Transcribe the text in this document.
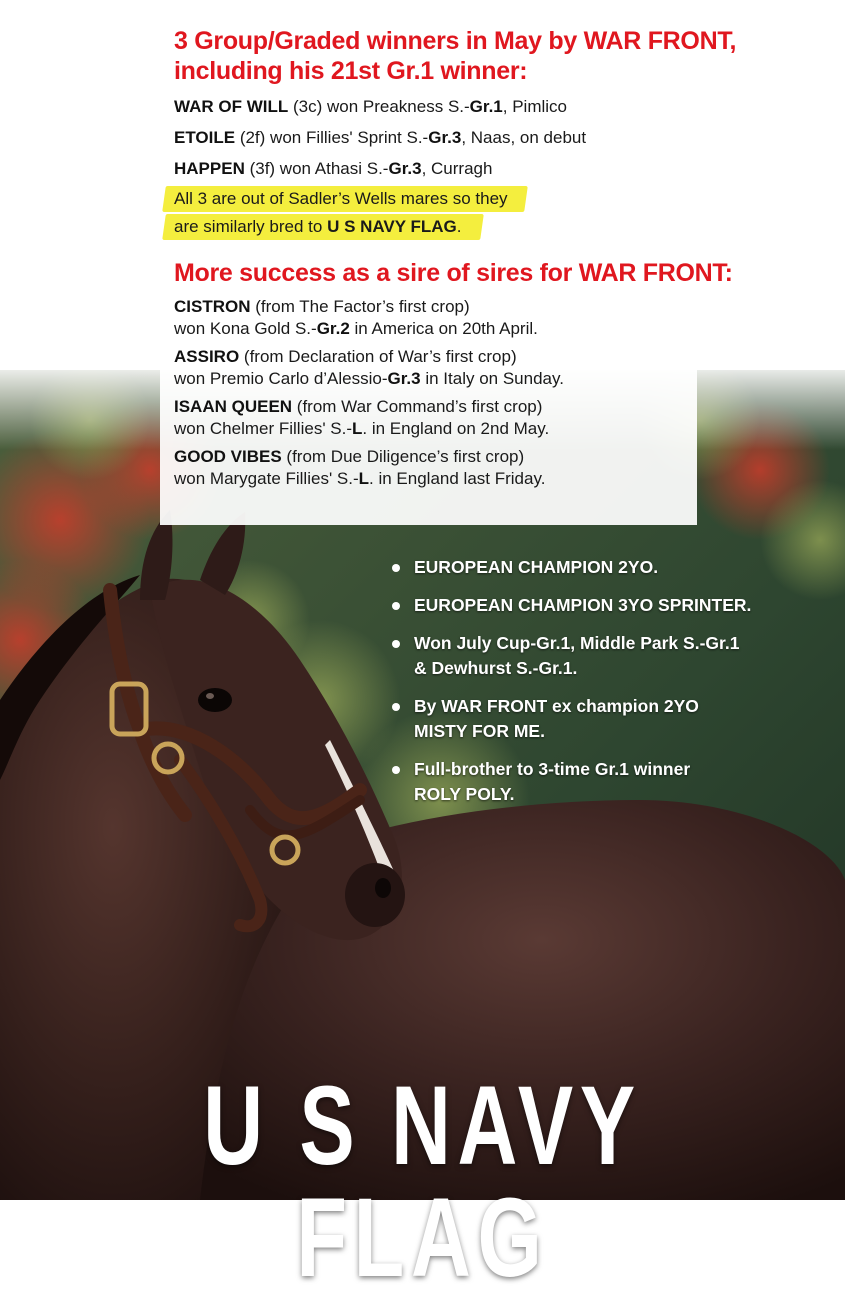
3 Group/Graded winners in May by WAR FRONT,
including his 21st Gr.1 winner:
WAR OF WILL (3c) won Preakness S.-Gr.1, Pimlico
ETOILE (2f) won Fillies' Sprint S.-Gr.3, Naas, on debut
HAPPEN (3f) won Athasi S.-Gr.3, Curragh
All 3 are out of Sadler’s Wells mares so they
are similarly bred to U S NAVY FLAG.
More success as a sire of sires for WAR FRONT:
CISTRON (from The Factor’s first crop)
won Kona Gold S.-Gr.2 in America on 20th April.
ASSIRO (from Declaration of War’s first crop)
won Premio Carlo d’Alessio-Gr.3 in Italy on Sunday.
ISAAN QUEEN (from War Command’s first crop)
won Chelmer Fillies' S.-L. in England on 2nd May.
GOOD VIBES (from Due Diligence’s first crop)
won Marygate Fillies' S.-L. in England last Friday.
EUROPEAN CHAMPION 2YO.
EUROPEAN CHAMPION 3YO SPRINTER.
Won July Cup-Gr.1, Middle Park S.-Gr.1
& Dewhurst S.-Gr.1.
By WAR FRONT ex champion 2YO
MISTY FOR ME.
Full-brother to 3-time Gr.1 winner
ROLY POLY.
U S NAVY FLAG
